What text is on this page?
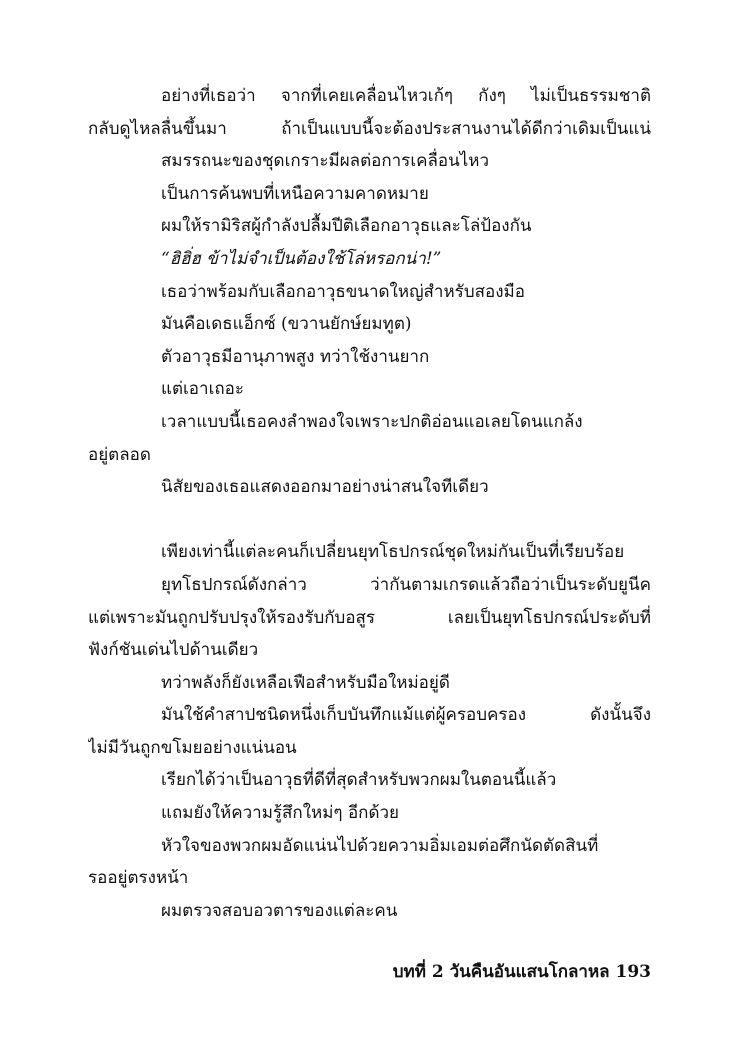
อย่างที่เธอว่า จากที่เคยเคลื่อนไหวเก้ๆ กังๆ ไม่เป็นธรรมชาติ
กลับดูไหลลื่นขึ้นมา ถ้าเป็นแบบนี้จะต้องประสานงานได้ดีกว่าเดิมเป็นแน่
สมรรถนะของชุดเกราะมีผลต่อการเคลื่อนไหว
เป็นการค้นพบที่เหนือความคาดหมาย
ผมให้รามิริสผู้กำลังปลื้มปีติเลือกอาวุธและโล่ป้องกัน
“ฮิฮิ่ฮ ข้าไม่จำเป็นต้องใช้โล่หรอกน่า!”
เธอว่าพร้อมกับเลือกอาวุธขนาดใหญ่สำหรับสองมือ
มันคือเดธแอ็กซ์ (ขวานยักษ์ยมทูต)
ตัวอาวุธมีอานุภาพสูง ทว่าใช้งานยาก
แต่เอาเถอะ
เวลาแบบนี้เธอคงลำพองใจเพราะปกติอ่อนแอเลยโดนแกล้ง
อยู่ตลอด
นิสัยของเธอแสดงออกมาอย่างน่าสนใจทีเดียว
เพียงเท่านี้แต่ละคนก็เปลี่ยนยุทโธปกรณ์ชุดใหม่กันเป็นที่เรียบร้อย
ยุทโธปกรณ์ดังกล่าว ว่ากันตามเกรดแล้วถือว่าเป็นระดับยูนีค
แต่เพราะมันถูกปรับปรุงให้รองรับกับอสูร เลยเป็นยุทโธปกรณ์ประดับที่
ฟังก์ชันเด่นไปด้านเดียว
ทว่าพลังก็ยังเหลือเฟือสำหรับมือใหม่อยู่ดี
มันใช้คำสาปชนิดหนึ่งเก็บบันทึกแม้แต่ผู้ครอบครอง ดังนั้นจึง
ไม่มีวันถูกขโมยอย่างแน่นอน
เรียกได้ว่าเป็นอาวุธที่ดีที่สุดสำหรับพวกผมในตอนนี้แล้ว
แถมยังให้ความรู้สึกใหม่ๆ อีกด้วย
หัวใจของพวกผมอัดแน่นไปด้วยความอิ่มเอมต่อศึกนัดตัดสินที่
รออยู่ตรงหน้า
ผมตรวจสอบอวตารของแต่ละคน
บทที่ 2 วันคืนอันแสนโกลาหล 193
